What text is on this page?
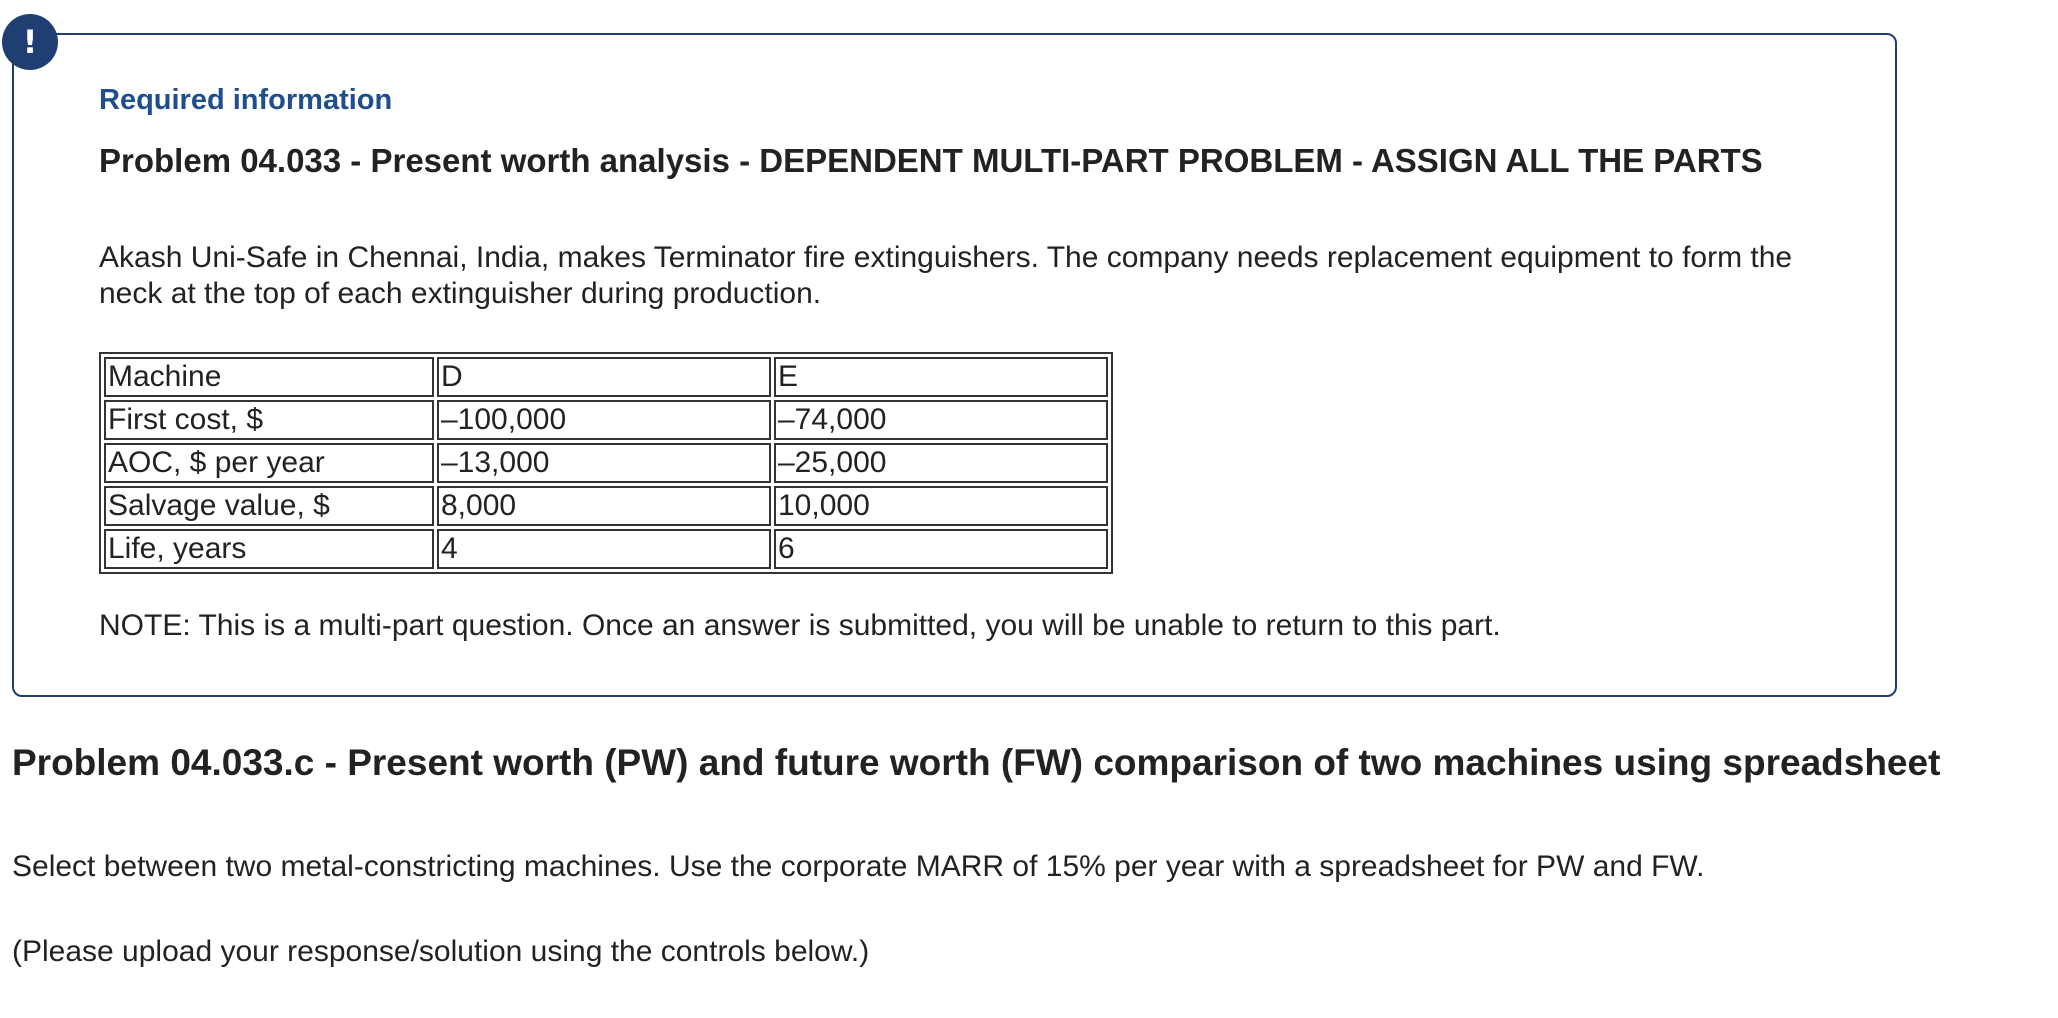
!
Required information
Problem 04.033 - Present worth analysis - DEPENDENT MULTI-PART PROBLEM - ASSIGN ALL THE PARTS

Akash Uni-Safe in Chennai, India, makes Terminator fire extinguishers. The company needs replacement equipment to form the neck at the top of each extinguisher during production.

Machine	D	E
First cost, $	–100,000	–74,000
AOC, $ per year	–13,000	–25,000
Salvage value, $	8,000	10,000
Life, years	4	6

NOTE: This is a multi-part question. Once an answer is submitted, you will be unable to return to this part.

Problem 04.033.c - Present worth (PW) and future worth (FW) comparison of two machines using spreadsheet

Select between two metal-constricting machines. Use the corporate MARR of 15% per year with a spreadsheet for PW and FW.

(Please upload your response/solution using the controls below.)
